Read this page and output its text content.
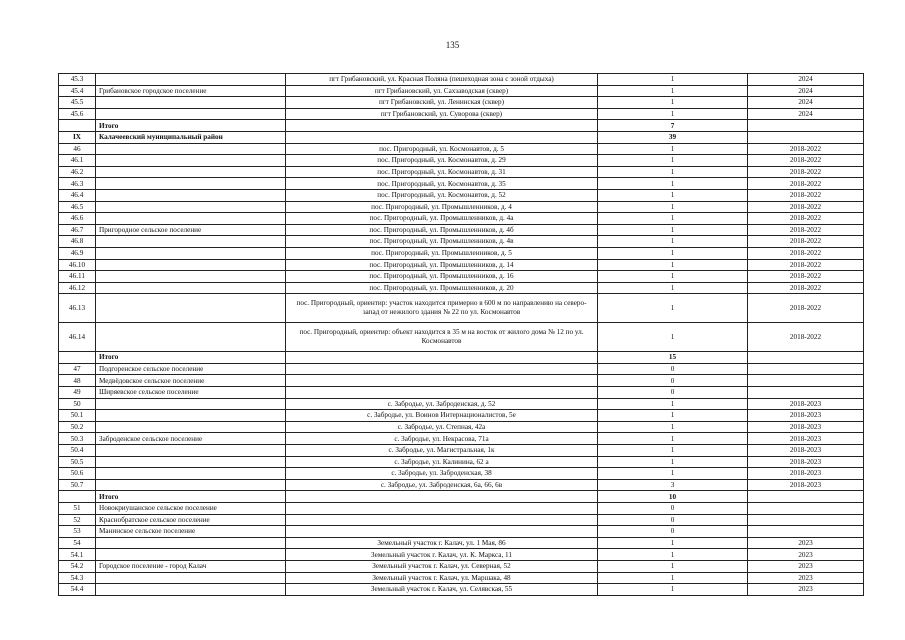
135
45.3		пгт Грибановский, ул. Красная Поляна (пешеходная зона с зоной отдыха)	1	2024
45.4	Грибановское городское поселение	пгт Грибановский, ул. Сахзаводская (сквер)	1	2024
45.5		пгт Грибановский, ул. Ленинская (сквер)	1	2024
45.6		пгт Грибановский, ул. Суворова (сквер)	1	2024
	Итого		7	
IX	Калачеевский муниципальный район		39	
46		пос. Пригородный, ул. Космонавтов, д. 5	1	2018-2022
46.1		пос. Пригородный, ул. Космонавтов, д. 29	1	2018-2022
46.2		пос. Пригородный, ул. Космонавтов, д. 31	1	2018-2022
46.3		пос. Пригородный, ул. Космонавтов, д. 35	1	2018-2022
46.4		пос. Пригородный, ул. Космонавтов, д. 52	1	2018-2022
46.5		пос. Пригородный, ул. Промышленников, д. 4	1	2018-2022
46.6		пос. Пригородный, ул. Промышленников, д. 4а	1	2018-2022
46.7	Пригородное сельское поселение	пос. Пригородный, ул. Промышленников, д. 4б	1	2018-2022
46.8		пос. Пригородный, ул. Промышленников, д. 4в	1	2018-2022
46.9		пос. Пригородный, ул. Промышленников, д. 5	1	2018-2022
46.10		пос. Пригородный, ул. Промышленников, д. 14	1	2018-2022
46.11		пос. Пригородный, ул. Промышленников, д. 16	1	2018-2022
46.12		пос. Пригородный, ул. Промышленников, д. 20	1	2018-2022
46.13		пос. Пригородный, ориентир: участок находится примерно в 600 м по направлению на северо-запад от нежилого здания № 22 по ул. Космонавтов	1	2018-2022
46.14		пос. Пригородный, ориентир: объект находится в 35 м на восток от жилого дома № 12 по ул. Космонавтов	1	2018-2022
	Итого		15	
47	Подгоренское сельское поселение		0	
48	Медвёдовское сельское поселение		0	
49	Ширяевское сельское поселение		0	
50		с. Забродье, ул. Заброденская, д. 52	1	2018-2023
50.1		с. Забродье, ул. Воинов Интернационалистов, 5е	1	2018-2023
50.2		с. Забродье, ул. Степная, 42а	1	2018-2023
50.3	Заброденское сельское поселение	с. Забродье, ул. Некрасова, 71а	1	2018-2023
50.4		с. Забродье, ул. Магистральная, 1к	1	2018-2023
50.5		с. Забродье, ул. Калинина, 62 а	1	2018-2023
50.6		с. Забродье, ул. Заброденская, 38	1	2018-2023
50.7		с. Забродье, ул. Заброденская, 6а, 66, 6в	3	2018-2023
	Итого		10	
51	Новокриушанское сельское поселение		0	
52	Краснобратское сельское поселение		0	
53	Манинское сельское поселение		0	
54		Земельный участок г. Калач, ул. 1 Мая, 86	1	2023
54.1		Земельный участок г. Калач, ул. К. Маркса, 11	1	2023
54.2	Городское поселение - город Калач	Земельный участок г. Калач, ул. Северная, 52	1	2023
54.3		Земельный участок г. Калач, ул. Маршака, 48	1	2023
54.4		Земельный участок г. Калач, ул. Селявская, 55	1	2023
